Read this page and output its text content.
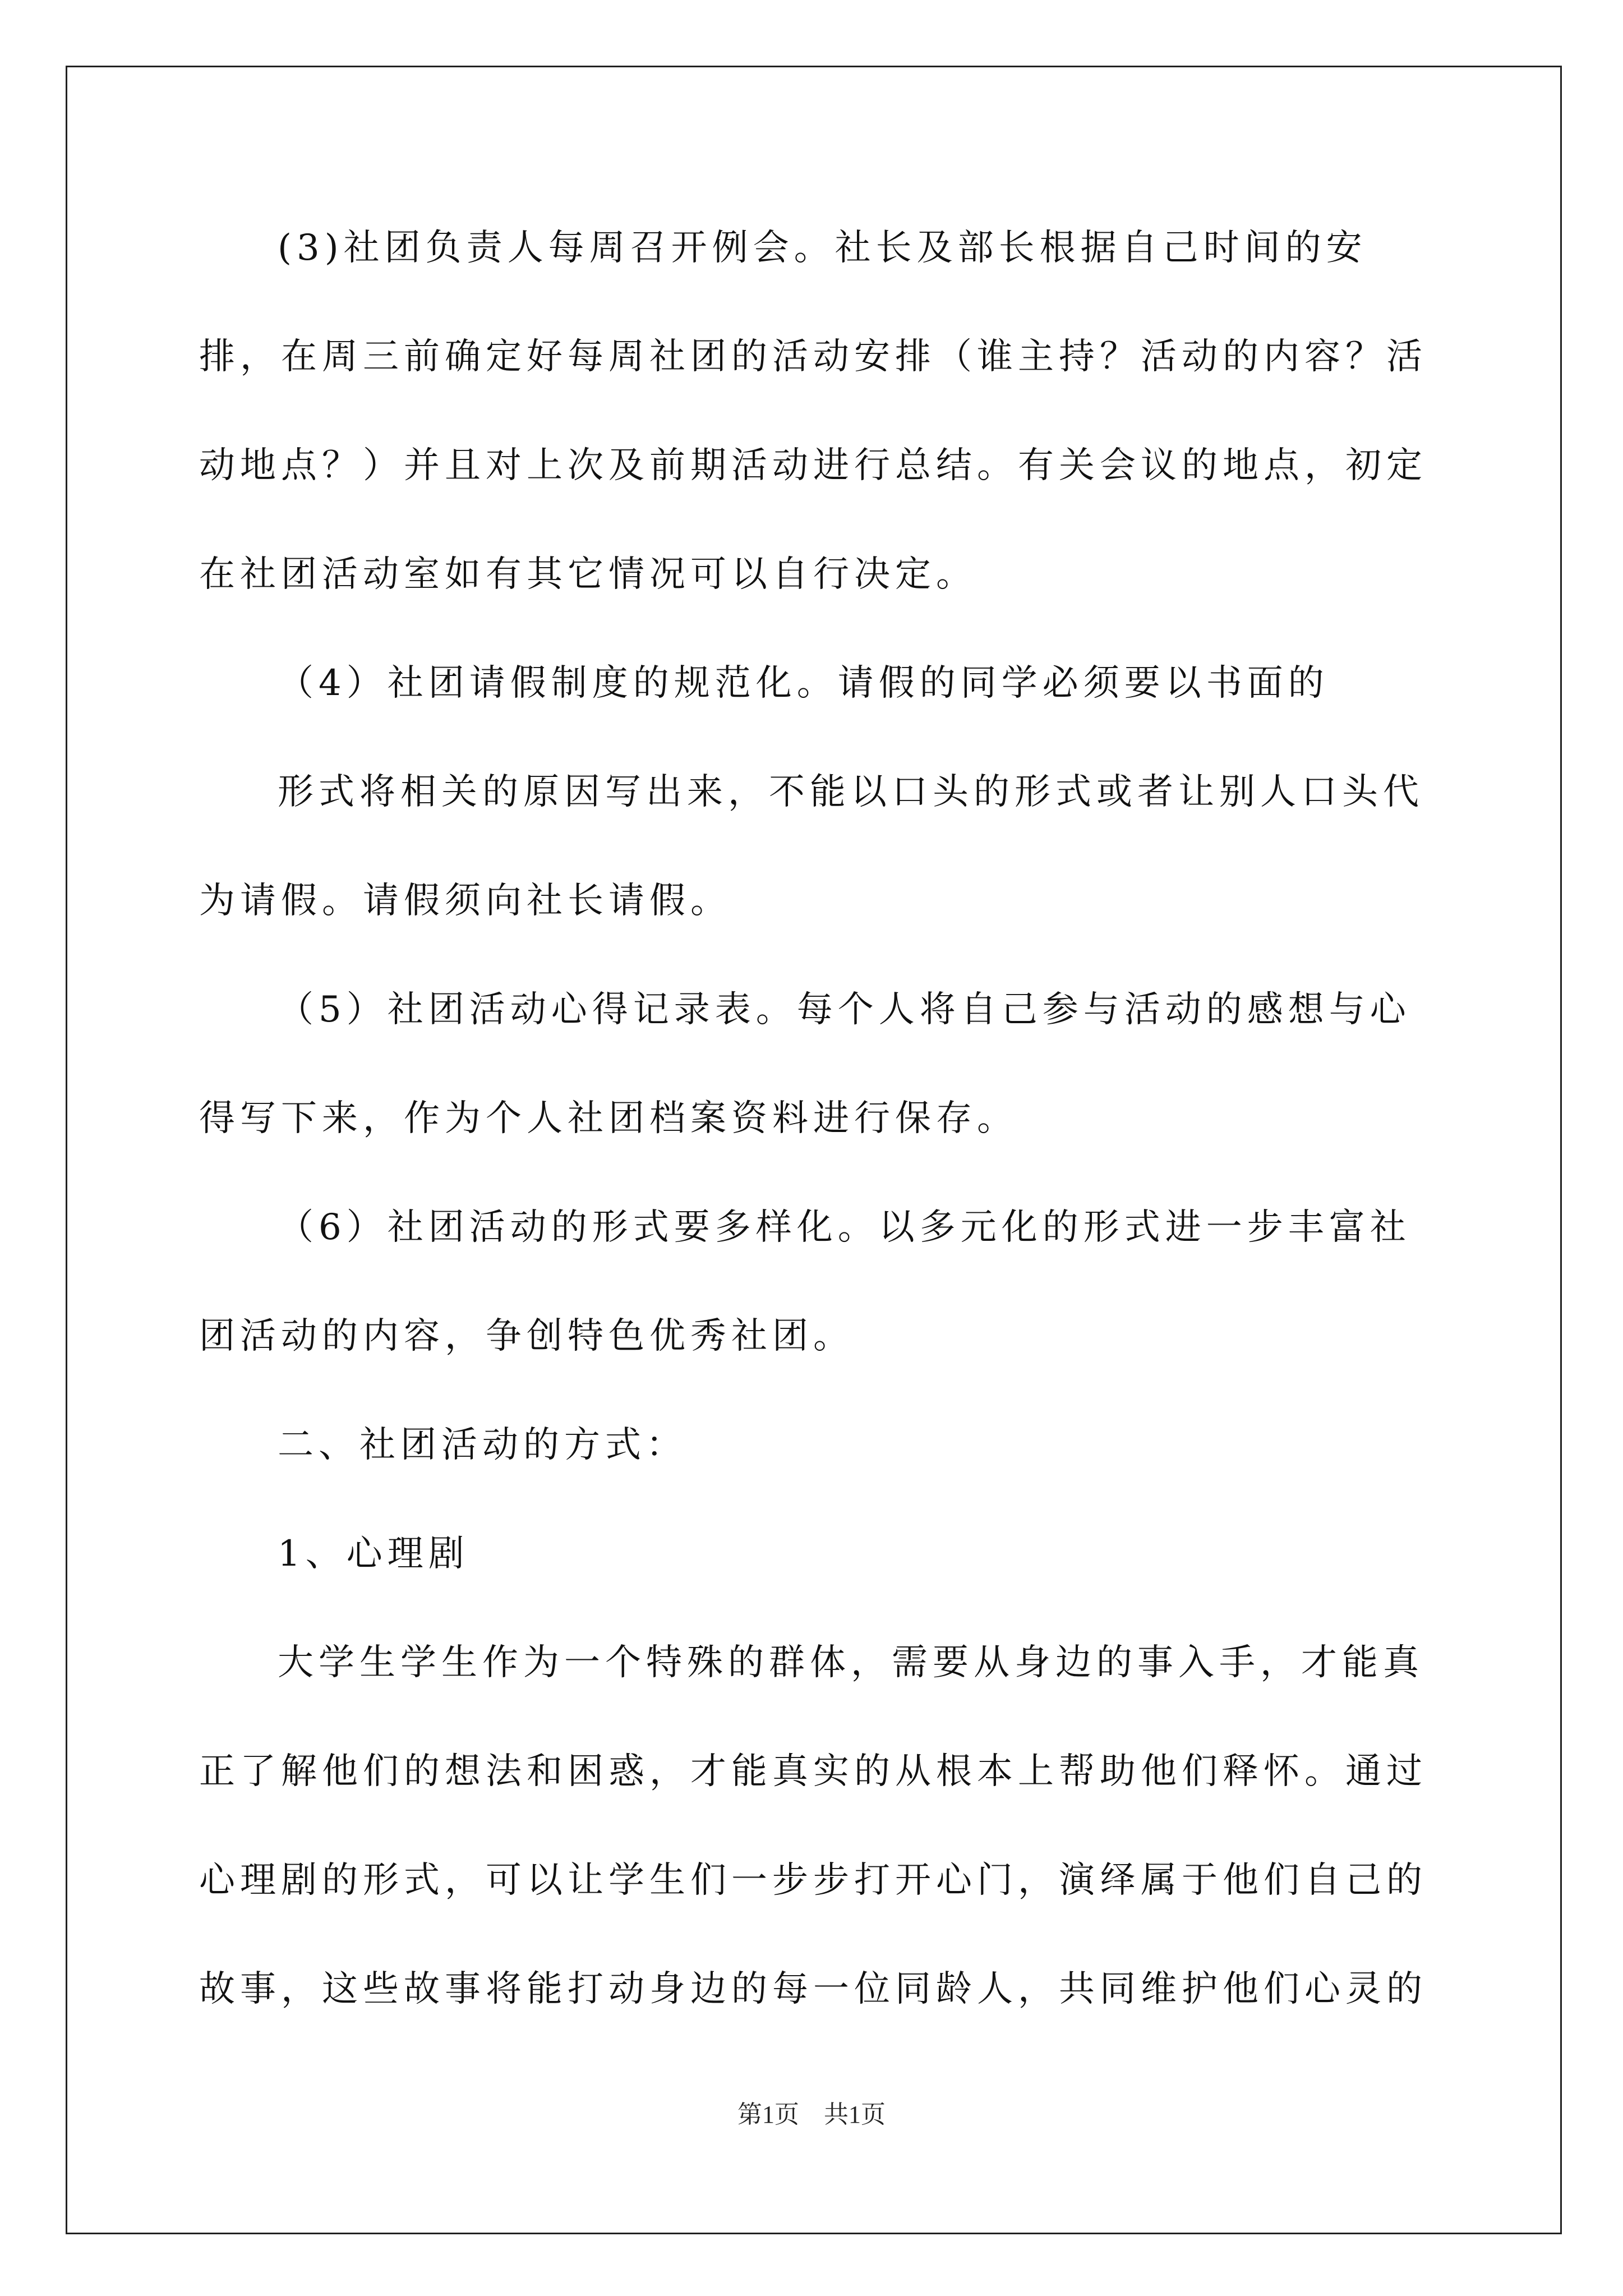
(3)社团负责人每周召开例会。社长及部长根据自己时间的安排，在周三前确定好每周社团的活动安排（谁主持？活动的内容？活动地点？）并且对上次及前期活动进行总结。有关会议的地点，初定在社团活动室如有其它情况可以自行决定。

（4）社团请假制度的规范化。请假的同学必须要以书面的

形式将相关的原因写出来，不能以口头的形式或者让别人口头代为请假。请假须向社长请假。

（5）社团活动心得记录表。每个人将自己参与活动的感想与心得写下来，作为个人社团档案资料进行保存。

（6）社团活动的形式要多样化。以多元化的形式进一步丰富社团活动的内容，争创特色优秀社团。

二、社团活动的方式：

1、心理剧

大学生学生作为一个特殊的群体，需要从身边的事入手，才能真正了解他们的想法和困惑，才能真实的从根本上帮助他们释怀。通过心理剧的形式，可以让学生们一步步打开心门，演绎属于他们自己的故事，这些故事将能打动身边的每一位同龄人，共同维护他们心灵的

第1页　共1页
